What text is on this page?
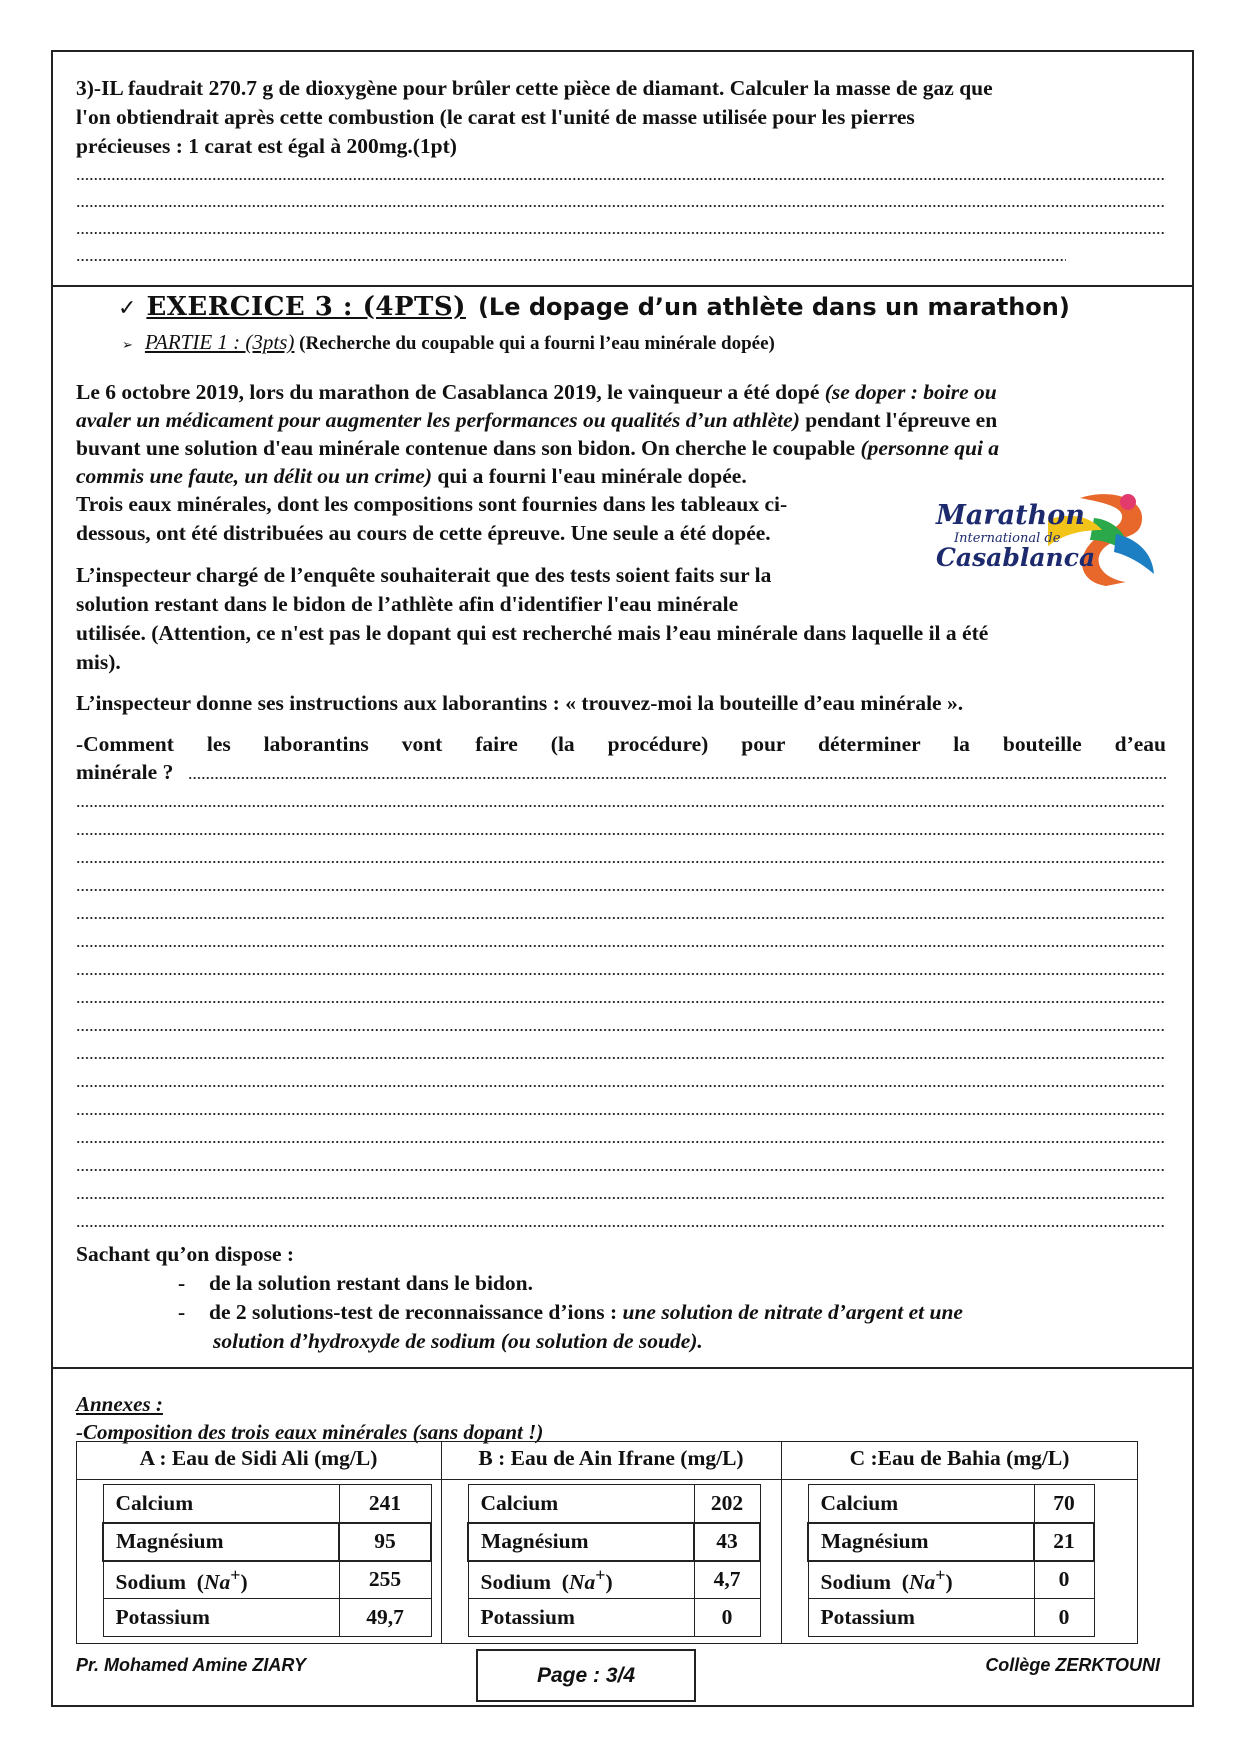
3)-IL faudrait 270.7 g de dioxygène pour brûler cette pièce de diamant. Calculer la masse de gaz que
l'on obtiendrait après cette combustion (le carat est l'unité de masse utilisée pour les pierres
précieuses : 1 carat est égal à 200mg.(1pt)
✓ EXERCICE 3 : (4PTS) (Le dopage d’un athlète dans un marathon)
➢ PARTIE 1 : (3pts) (Recherche du coupable qui a fourni l’eau minérale dopée)
Le 6 octobre 2019, lors du marathon de Casablanca 2019, le vainqueur a été dopé (se doper : boire ou
avaler un médicament pour augmenter les performances ou qualités d’un athlète) pendant l'épreuve en
buvant une solution d'eau minérale contenue dans son bidon. On cherche le coupable (personne qui a
commis une faute, un délit ou un crime) qui a fourni l'eau minérale dopée.
Trois eaux minérales, dont les compositions sont fournies dans les tableaux ci-
dessous, ont été distribuées au cours de cette épreuve. Une seule a été dopée.
L’inspecteur chargé de l’enquête souhaiterait que des tests soient faits sur la
solution restant dans le bidon de l’athlète afin d'identifier l'eau minérale
utilisée. (Attention, ce n'est pas le dopant qui est recherché mais l’eau minérale dans laquelle il a été
mis).
L’inspecteur donne ses instructions aux laborantins : « trouvez-moi la bouteille d’eau minérale ».
-Comment les laborantins vont faire (la procédure) pour déterminer la bouteille d’eau
minérale ?
Marathon
International de
Casablanca
Sachant qu’on dispose :
- de la solution restant dans le bidon.
- de 2 solutions-test de reconnaissance d’ions : une solution de nitrate d’argent et une
solution d’hydroxyde de sodium (ou solution de soude).
Annexes :
-Composition des trois eaux minérales (sans dopant !)
A : Eau de Sidi Ali (mg/L)	B : Eau de Ain Ifrane (mg/L)	C :Eau de Bahia (mg/L)
Calcium	241
Magnésium	95
Sodium  (Na+)	255
Potassium	49,7
Calcium	202
Magnésium	43
Sodium  (Na+)	4,7
Potassium	0
Calcium	70
Magnésium	21
Sodium  (Na+)	0
Potassium	0
Pr. Mohamed Amine ZIARY	Page : 3/4	Collège ZERKTOUNI
